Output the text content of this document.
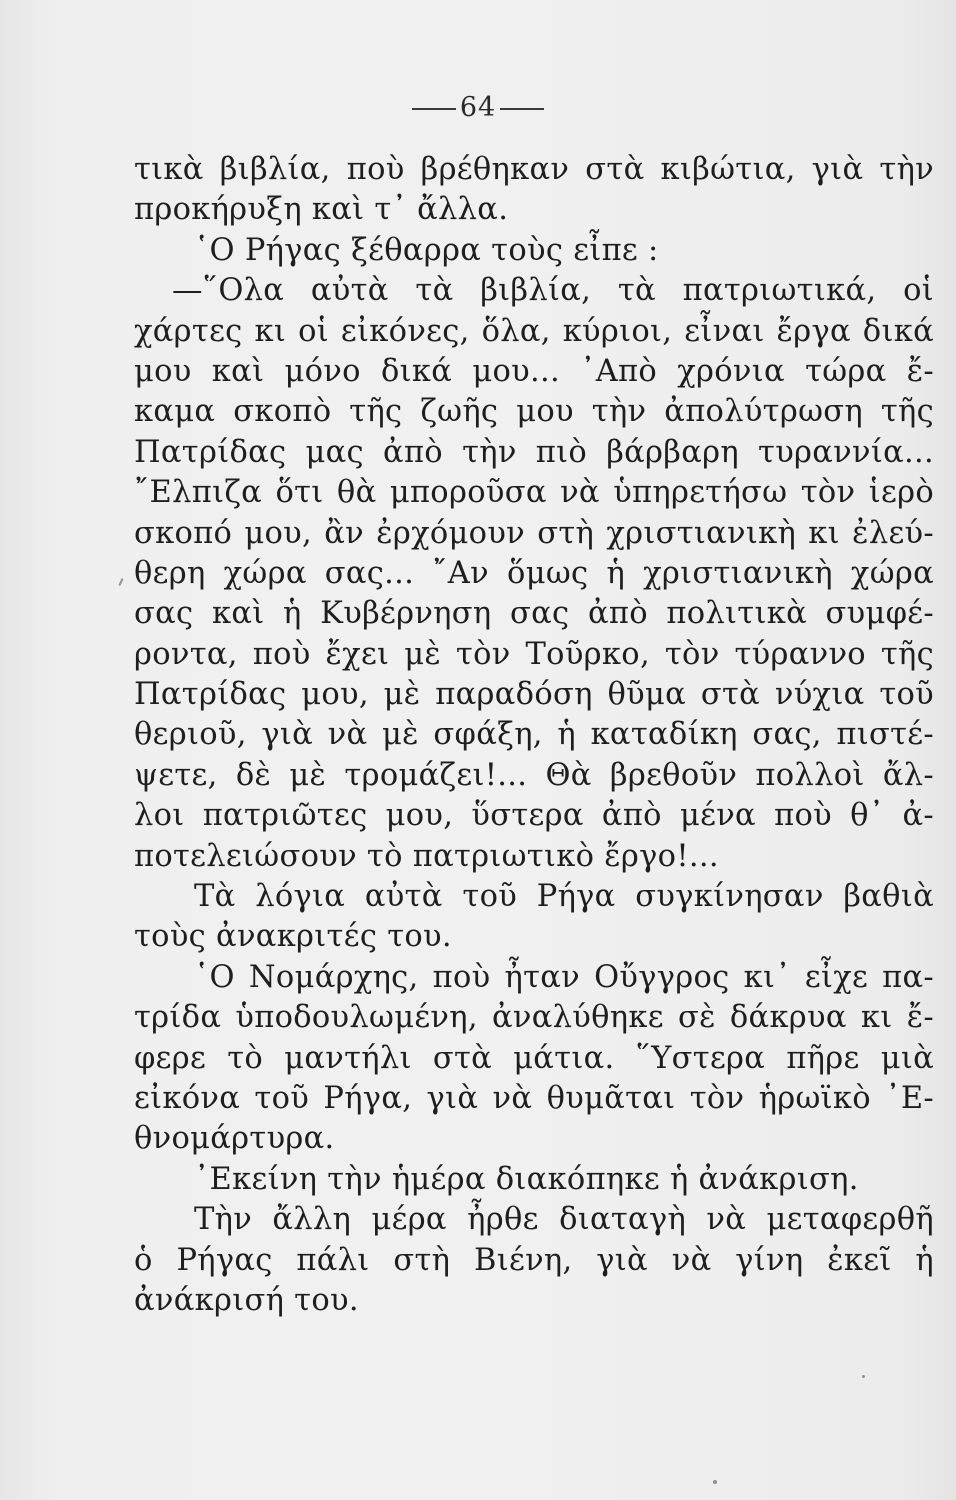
64
τικὰ βιβλία, ποὺ βρέθηκαν στὰ κιβώτια, γιὰ τὴν
προκήρυξη καὶ τ᾿ ἄλλα.
῾Ο Ρήγας ξέθαρρα τοὺς εἶπε :
—῞Ολα αὐτὰ τὰ βιβλία, τὰ πατριωτικά, οἱ
χάρτες κι οἱ εἰκόνες, ὅλα, κύριοι, εἶναι ἔργα δικά
μου καὶ μόνο δικά μου... ᾿Απὸ χρόνια τώρα ἔ-
καμα σκοπὸ τῆς ζωῆς μου τὴν ἀπολύτρωση τῆς
Πατρίδας μας ἀπὸ τὴν πιὸ βάρβαρη τυραννία...
῎Ελπιζα ὅτι θὰ μποροῦσα νὰ ὑπηρετήσω τὸν ἱερὸ
σκοπό μου, ἂν ἐρχόμουν στὴ χριστιανικὴ κι ἐλεύ-
θερη χώρα σας... ῎Αν ὅμως ἡ χριστιανικὴ χώρα
σας καὶ ἡ Κυβέρνηση σας ἀπὸ πολιτικὰ συμφέ-
ροντα, ποὺ ἔχει μὲ τὸν Τοῦρκο, τὸν τύραννο τῆς
Πατρίδας μου, μὲ παραδόση θῦμα στὰ νύχια τοῦ
θεριοῦ, γιὰ νὰ μὲ σφάξη, ἡ καταδίκη σας, πιστέ-
ψετε, δὲ μὲ τρομάζει!... Θὰ βρεθοῦν πολλοὶ ἄλ-
λοι πατριῶτες μου, ὕστερα ἀπὸ μένα ποὺ θ᾿ ἀ-
ποτελειώσουν τὸ πατριωτικὸ ἔργο!...
Τὰ λόγια αὐτὰ τοῦ Ρήγα συγκίνησαν βαθιὰ
τοὺς ἀνακριτές του.
῾Ο Νομάρχης, ποὺ ἦταν Οὔγγρος κι᾿ εἶχε πα-
τρίδα ὑποδουλωμένη, ἀναλύθηκε σὲ δάκρυα κι ἔ-
φερε τὸ μαντήλι στὰ μάτια. ῞Υστερα πῆρε μιὰ
εἰκόνα τοῦ Ρήγα, γιὰ νὰ θυμᾶται τὸν ἡρωϊκὸ ᾿Ε-
θνομάρτυρα.
᾿Εκείνη τὴν ἡμέρα διακόπηκε ἡ ἀνάκριση.
Τὴν ἄλλη μέρα ἦρθε διαταγὴ νὰ μεταφερθῆ
ὁ Ρήγας πάλι στὴ Βιένη, γιὰ νὰ γίνη ἐκεῖ ἡ
ἀνάκρισή του.
